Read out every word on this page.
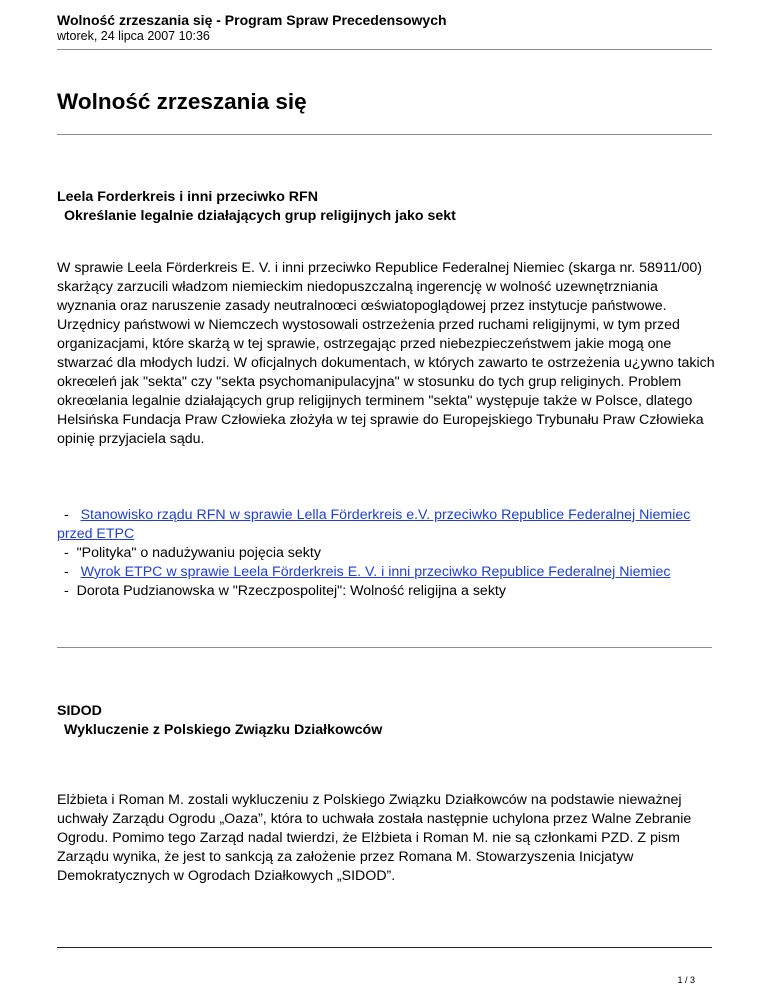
Wolność zrzeszania się - Program Spraw Precedensowych
wtorek, 24 lipca 2007 10:36
Wolność zrzeszania się
Leela Forderkreis i inni przeciwko RFN
Określanie legalnie działających grup religijnych jako sekt

W sprawie Leela Förderkreis E. V. i inni przeciwko Republice Federalnej Niemiec (skarga nr. 58911/00) skarżący zarzucili władzom niemieckim niedopuszczalną ingerencję w wolność uzewnętrzniania wyznania oraz naruszenie zasady neutralnoœci œświatopoglądowej przez instytucje państwowe. Urzędnicy państwowi w Niemczech wystosowali ostrzeżenia przed ruchami religijnymi, w tym przed organizacjami, które skarżą w tej sprawie, ostrzegając przed niebezpieczeństwem jakie mogą one stwarzać dla młodych ludzi. W oficjalnych dokumentach, w których zawarto te ostrzeżenia u¿ywno takich okreœleń jak "sekta" czy "sekta psychomanipulacyjna" w stosunku do tych grup religinych. Problem okreœlania legalnie działających grup religijnych terminem "sekta" występuje także w Polsce, dlatego Helsińska Fundacja Praw Człowieka złożyła w tej sprawie do Europejskiego Trybunału Praw Człowieka opinię przyjaciela sądu.

- Stanowisko rządu RFN w sprawie Lella Förderkreis e.V. przeciwko Republice Federalnej Niemiec przed ETPC
- "Polityka" o nadużywaniu pojęcia sekty
- Wyrok ETPC w sprawie Leela Förderkreis E. V. i inni przeciwko Republice Federalnej Niemiec
- Dorota Pudzianowska w "Rzeczpospolitej": Wolność religijna a sekty
SIDOD
Wykluczenie z Polskiego Związku Działkowców

Elżbieta i Roman M. zostali wykluczeniu z Polskiego Związku Działkowców na podstawie nieważnej uchwały Zarządu Ogrodu „Oaza”, która to uchwała została następnie uchylona przez Walne Zebranie Ogrodu. Pomimo tego Zarząd nadal twierdzi, że Elżbieta i Roman M. nie są członkami PZD. Z pism Zarządu wynika, że jest to sankcją za założenie przez Romana M. Stowarzyszenia Inicjatyw Demokratycznych w Ogrodach Działkowych „SIDOD”.

1 / 3
